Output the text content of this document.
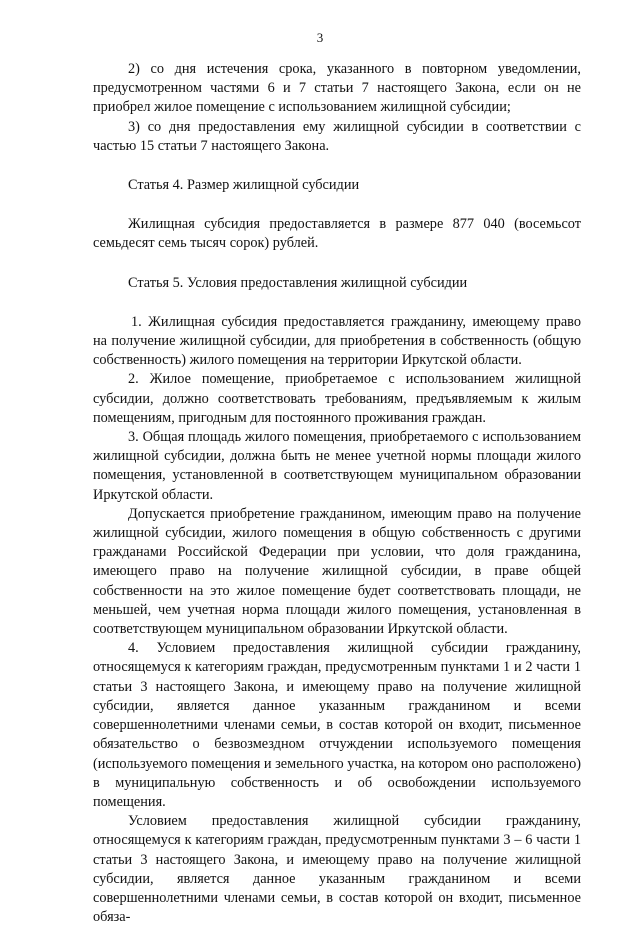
3

2) со дня истечения срока, указанного в повторном уведомлении, предусмотренном частями 6 и 7 статьи 7 настоящего Закона, если он не приобрел жилое помещение с использованием жилищной субсидии;

3) со дня предоставления ему жилищной субсидии в соответствии с частью 15 статьи 7 настоящего Закона.

Статья 4. Размер жилищной субсидии

Жилищная субсидия предоставляется в размере 877 040 (восемьсот семьдесят семь тысяч сорок) рублей.

Статья 5. Условия предоставления жилищной субсидии

1. Жилищная субсидия предоставляется гражданину, имеющему право на получение жилищной субсидии, для приобретения в собственность (общую собственность) жилого помещения на территории Иркутской области.

2. Жилое помещение, приобретаемое с использованием жилищной субсидии, должно соответствовать требованиям, предъявляемым к жилым помещениям, пригодным для постоянного проживания граждан.

3. Общая площадь жилого помещения, приобретаемого с использованием жилищной субсидии, должна быть не менее учетной нормы площади жилого помещения, установленной в соответствующем муниципальном образовании Иркутской области.

Допускается приобретение гражданином, имеющим право на получение жилищной субсидии, жилого помещения в общую собственность с другими гражданами Российской Федерации при условии, что доля гражданина, имеющего право на получение жилищной субсидии, в праве общей собственности на это жилое помещение будет соответствовать площади, не меньшей, чем учетная норма площади жилого помещения, установленная в соответствующем муниципальном образовании Иркутской области.

4. Условием предоставления жилищной субсидии гражданину, относящемуся к категориям граждан, предусмотренным пунктами 1 и 2 части 1 статьи 3 настоящего Закона, и имеющему право на получение жилищной субсидии, является данное указанным гражданином и всеми совершеннолетними членами семьи, в состав которой он входит, письменное обязательство о безвозмездном отчуждении используемого помещения (используемого помещения и земельного участка, на котором оно расположено) в муниципальную собственность и об освобождении используемого помещения.

Условием предоставления жилищной субсидии гражданину, относящемуся к категориям граждан, предусмотренным пунктами 3 – 6 части 1 статьи 3 настоящего Закона, и имеющему право на получение жилищной субсидии, является данное указанным гражданином и всеми совершеннолетними членами семьи, в состав которой он входит, письменное обяза-
